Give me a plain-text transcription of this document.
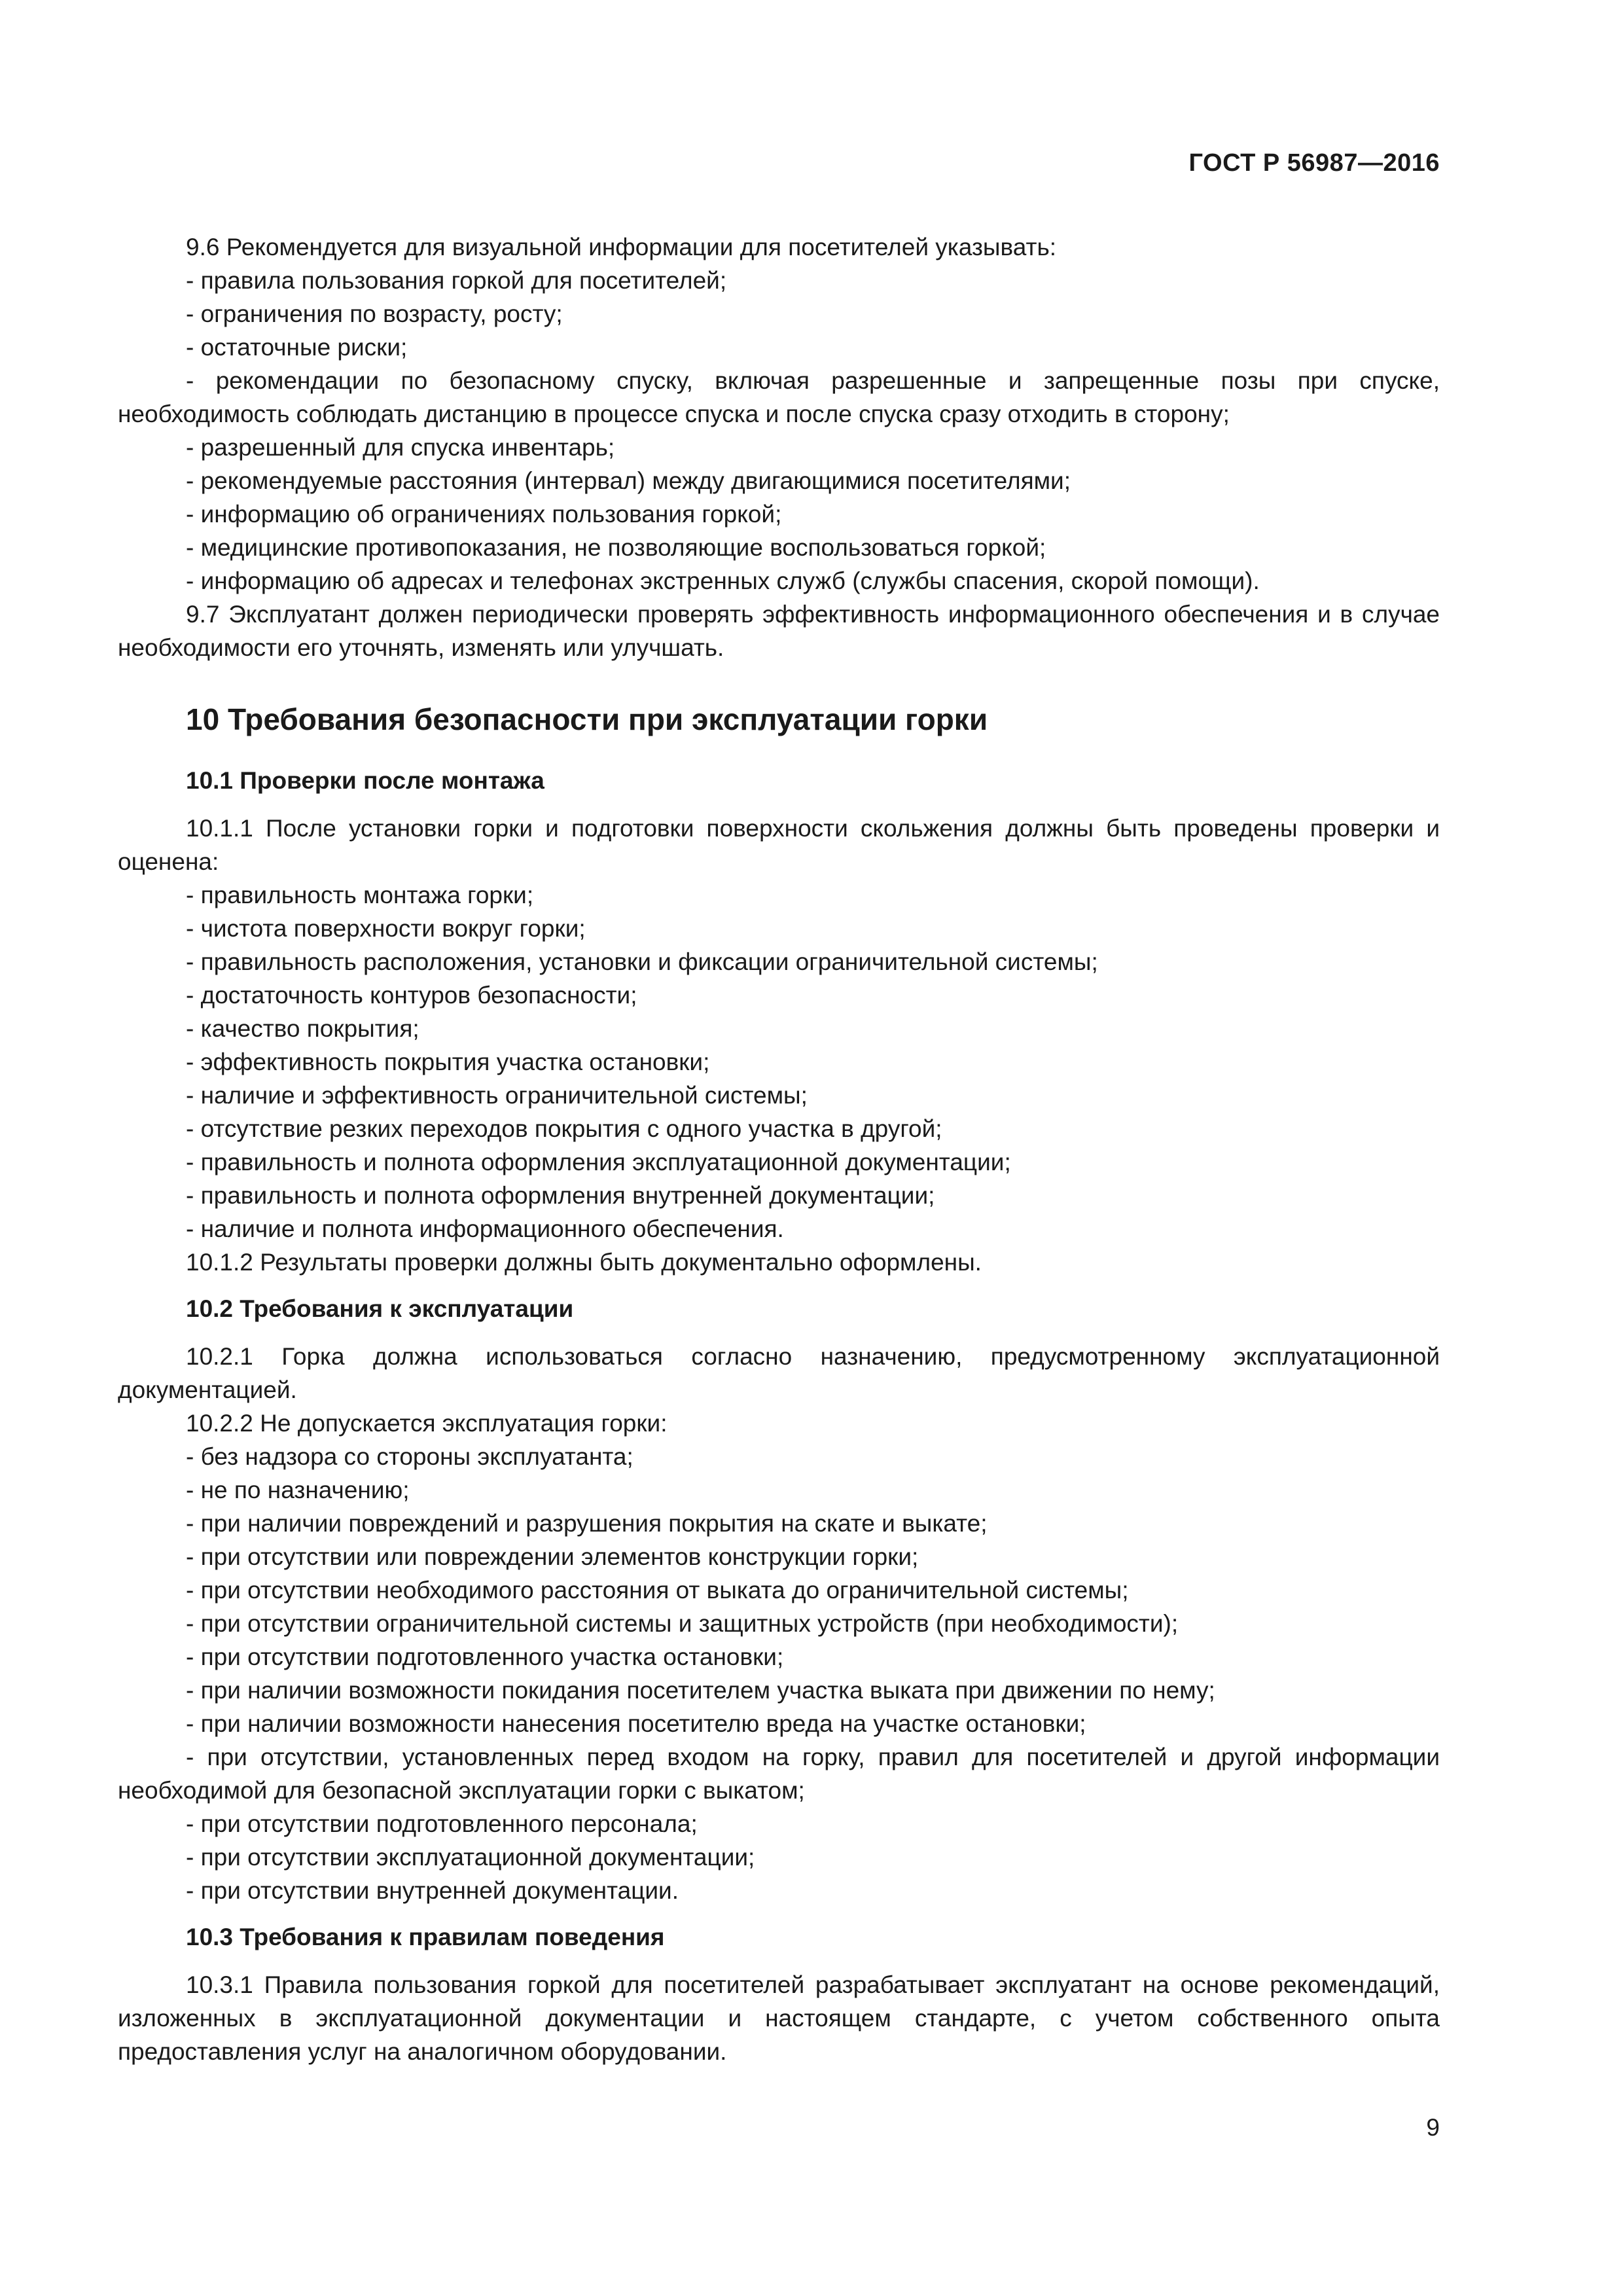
ГОСТ Р 56987—2016

9.6 Рекомендуется для визуальной информации для посетителей указывать:

- правила пользования горкой для посетителей;

- ограничения по возрасту, росту;

- остаточные риски;

- рекомендации по безопасному спуску, включая разрешенные и запрещенные позы при спуске, необходимость соблюдать дистанцию в процессе спуска и после спуска сразу отходить в сторону;

- разрешенный для спуска инвентарь;

- рекомендуемые расстояния (интервал) между двигающимися посетителями;

- информацию об ограничениях пользования горкой;

- медицинские противопоказания, не позволяющие воспользоваться горкой;

- информацию об адресах и телефонах экстренных служб (службы спасения, скорой помощи).

9.7 Эксплуатант должен периодически проверять эффективность информационного обеспечения и в случае необходимости его уточнять, изменять или улучшать.

10 Требования безопасности при эксплуатации горки
10.1 Проверки после монтажа

10.1.1 После установки горки и подготовки поверхности скольжения должны быть проведены проверки и оценена:

- правильность монтажа горки;

- чистота поверхности вокруг горки;

- правильность расположения, установки и фиксации ограничительной системы;

- достаточность контуров безопасности;

- качество покрытия;

- эффективность покрытия участка остановки;

- наличие и эффективность ограничительной системы;

- отсутствие резких переходов покрытия с одного участка в другой;

- правильность и полнота оформления эксплуатационной документации;

- правильность и полнота оформления внутренней документации;

- наличие и полнота информационного обеспечения.

10.1.2 Результаты проверки должны быть документально оформлены.

10.2 Требования к эксплуатации

10.2.1 Горка должна использоваться согласно назначению, предусмотренному эксплуатационной документацией.

10.2.2 Не допускается эксплуатация горки:

- без надзора со стороны эксплуатанта;

- не по назначению;

- при наличии повреждений и разрушения покрытия на скате и выкате;

- при отсутствии или повреждении элементов конструкции горки;

- при отсутствии необходимого расстояния от выката до ограничительной системы;

- при отсутствии ограничительной системы и защитных устройств (при необходимости);

- при отсутствии подготовленного участка остановки;

- при наличии возможности покидания посетителем участка выката при движении по нему;

- при наличии возможности нанесения посетителю вреда на участке остановки;

- при отсутствии, установленных перед входом на горку, правил для посетителей и другой информации необходимой для безопасной эксплуатации горки с выкатом;

- при отсутствии подготовленного персонала;

- при отсутствии эксплуатационной документации;

- при отсутствии внутренней документации.

10.3 Требования к правилам поведения

10.3.1 Правила пользования горкой для посетителей разрабатывает эксплуатант на основе рекомендаций, изложенных в эксплуатационной документации и настоящем стандарте, с учетом собственного опыта предоставления услуг на аналогичном оборудовании.

9
